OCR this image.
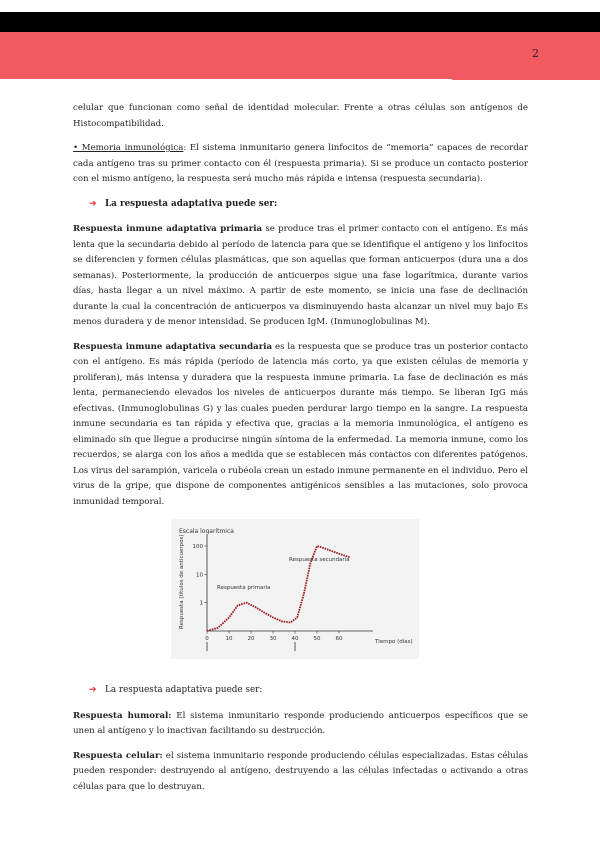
2

celular que funcionan como señal de identidad molecular. Frente a otras células son antígenos de Histocompatibilidad.

• Memoria inmunológica: El sistema inmunitario genera linfocitos de “memoria” capaces de recordar cada antígeno tras su primer contacto con él (respuesta primaria). Si se produce un contacto posterior con el mismo antígeno, la respuesta será mucho más rápida e intensa (respuesta secundaria).

➔ La respuesta adaptativa puede ser:

Respuesta inmune adaptativa primaria se produce tras el primer contacto con el antígeno. Es más lenta que la secundaria debido al período de latencia para que se identifique el antígeno y los linfocitos se diferencien y formen células plasmáticas, que son aquellas que forman anticuerpos (dura una a dos semanas). Posteriormente, la producción de anticuerpos sigue una fase logarítmica, durante varios días, hasta llegar a un nivel máximo. A partir de este momento, se inicia una fase de declinación durante la cual la concentración de anticuerpos va disminuyendo hasta alcanzar un nivel muy bajo Es menos duradera y de menor intensidad. Se producen IgM. (Inmunoglobulinas M).

Respuesta inmune adaptativa secundaria es la respuesta que se produce tras un posterior contacto con el antígeno. Es más rápida (período de latencia más corto, ya que existen células de memoria y proliferan), más intensa y duradera que la respuesta inmune primaria. La fase de declinación es más lenta, permaneciendo elevados los niveles de anticuerpos durante más tiempo. Se liberan IgG más efectivas. (Inmunoglobulinas G) y las cuales pueden perdurar largo tiempo en la sangre. La respuesta inmune secundaria es tan rápida y efectiva que, gracias a la memoria inmunológica, el antígeno es eliminado sin que llegue a producirse ningún síntoma de la enfermedad. La memoria inmune, como los recuerdos, se alarga con los años a medida que se establecen más contactos con diferentes patógenos. Los virus del sarampión, varicela o rubéola crean un estado inmune permanente en el individuo. Pero el virus de la gripe, que dispone de componentes antigénicos sensibles a las mutaciones, solo provoca inmunidad temporal.

Escala logarítmica
Respuesta (títulos de anticuerpos)
Tiempo (días)
Respuesta primaria
Respuesta secundaria
0	10	20	30	40	50	60
1
10
100
➔ La respuesta adaptativa puede ser:

Respuesta humoral: El sistema inmunitario responde produciendo anticuerpos específicos que se unen al antígeno y lo inactivan facilitando su destrucción.

Respuesta celular: el sistema inmunitario responde produciendo células especializadas. Estas células pueden responder: destruyendo al antígeno, destruyendo a las células infectadas o activando a otras células para que lo destruyan.
